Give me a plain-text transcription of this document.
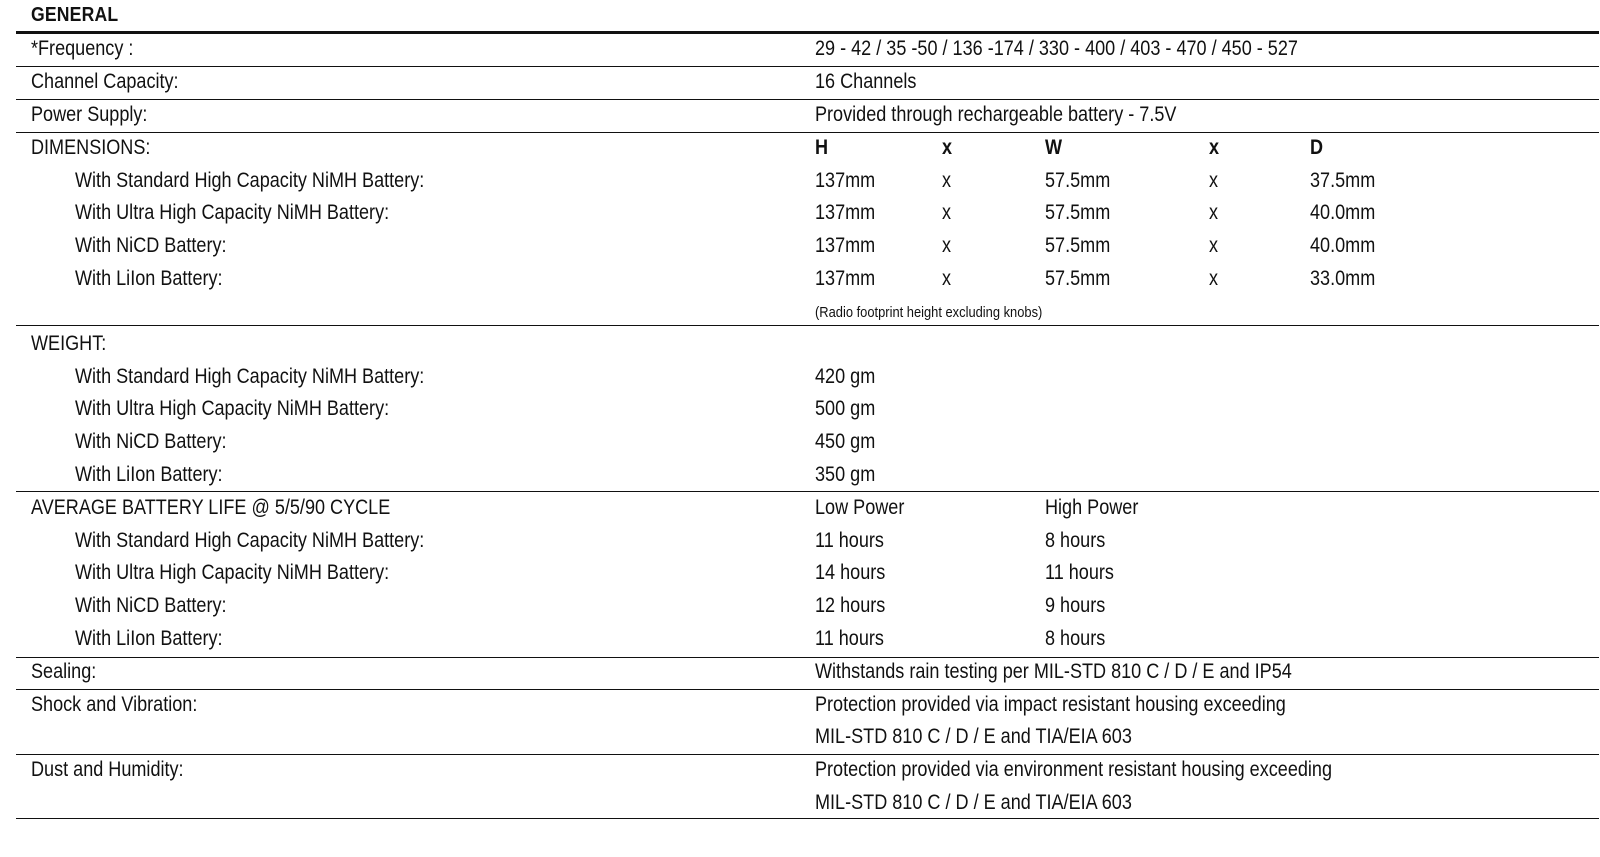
GENERAL
*Frequency :	29 - 42 / 35 -50 / 136 -174 / 330 - 400 / 403 - 470 / 450 - 527
Channel Capacity:	16 Channels
Power Supply:	Provided through rechargeable battery - 7.5V
DIMENSIONS:	H	x	W	x	D
With Standard High Capacity NiMH Battery:	137mm	x	57.5mm	x	37.5mm
With Ultra High Capacity NiMH Battery:	137mm	x	57.5mm	x	40.0mm
With NiCD Battery:	137mm	x	57.5mm	x	40.0mm
With LiIon Battery:	137mm	x	57.5mm	x	33.0mm
(Radio footprint height excluding knobs)
WEIGHT:
With Standard High Capacity NiMH Battery:	420 gm
With Ultra High Capacity NiMH Battery:	500 gm
With NiCD Battery:	450 gm
With LiIon Battery:	350 gm
AVERAGE BATTERY LIFE @ 5/5/90 CYCLE	Low Power	High Power
With Standard High Capacity NiMH Battery:	11 hours	8 hours
With Ultra High Capacity NiMH Battery:	14 hours	11 hours
With NiCD Battery:	12 hours	9 hours
With LiIon Battery:	11 hours	8 hours
Sealing:	Withstands rain testing per MIL-STD 810 C / D / E and IP54
Shock and Vibration:	Protection provided via impact resistant housing exceeding
MIL-STD 810 C / D / E and TIA/EIA 603
Dust and Humidity:	Protection provided via environment resistant housing exceeding
MIL-STD 810 C / D / E and TIA/EIA 603
